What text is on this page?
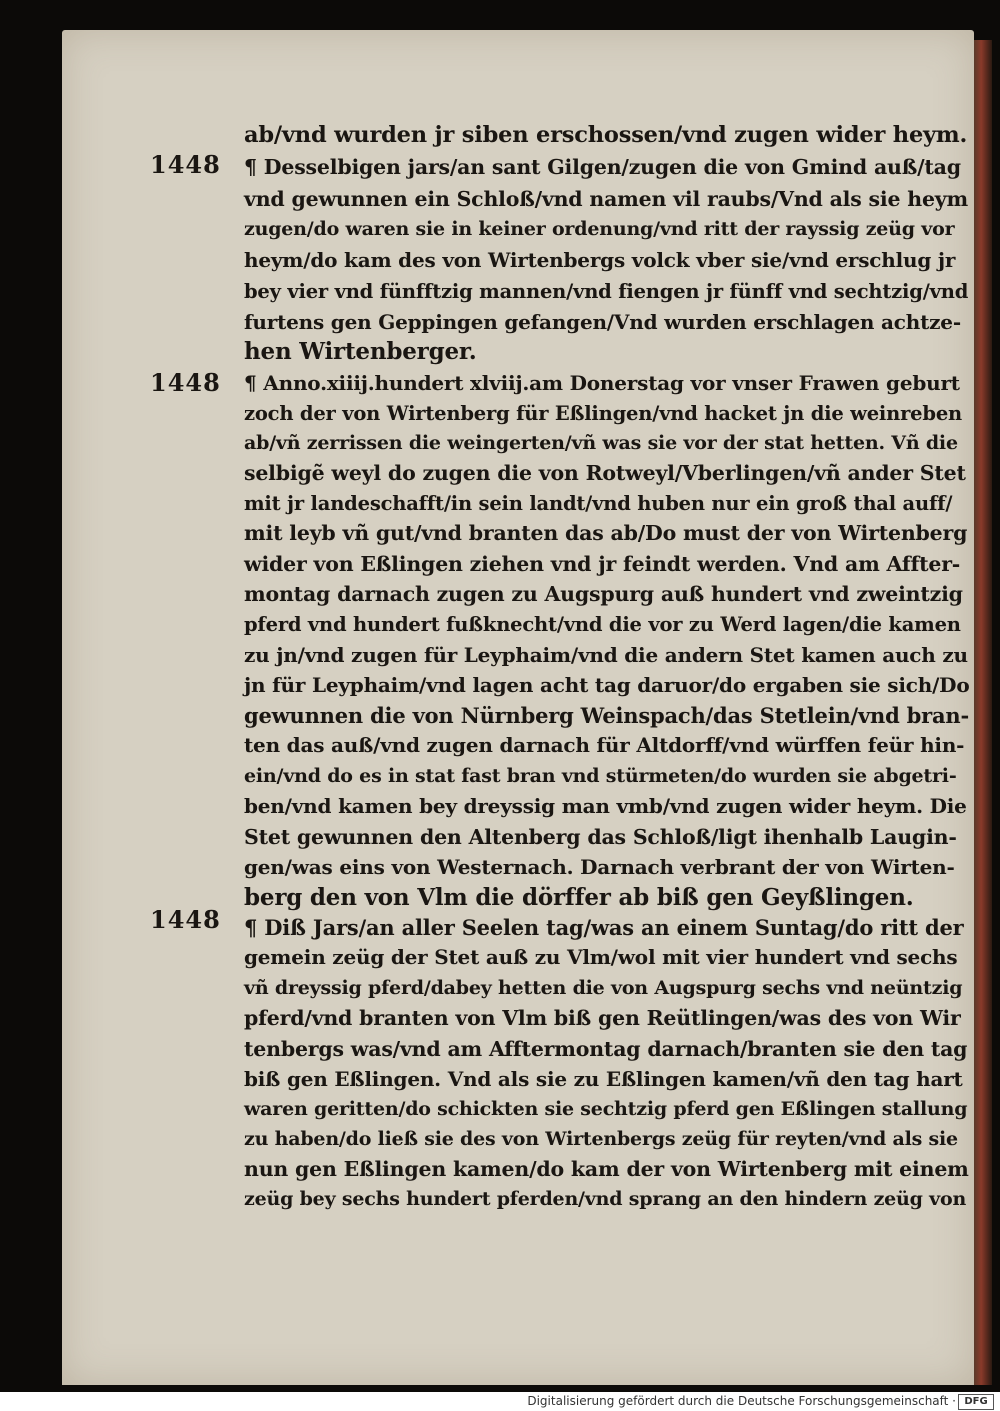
ab/vnd wurden jr siben erschossen/vnd zugen wider heym.
1448	¶ Desselbigen jars/an sant Gilgen/zugen die von Gmind auß/tag
vnd gewunnen ein Schloß/vnd namen vil raubs/Vnd als sie heym
zugen/do waren sie in keiner ordenung/vnd ritt der rayssig zeüg vor
heym/do kam des von Wirtenbergs volck vber sie/vnd erschlug jr
bey vier vnd fünfftzig mannen/vnd fiengen jr fünff vnd sechtzig/vnd
furtens gen Geppingen gefangen/Vnd wurden erschlagen achtze-
hen Wirtenberger.
1448	¶ Anno.xiiij.hundert xlviij.am Donerstag vor vnser Frawen geburt
zoch der von Wirtenberg für Eßlingen/vnd hacket jn die weinreben
ab/vñ zerrissen die weingerten/vñ was sie vor der stat hetten. Vñ die
selbigẽ weyl do zugen die von Rotweyl/Vberlingen/vñ ander Stet
mit jr landeschafft/in sein landt/vnd huben nur ein groß thal auff/
mit leyb vñ gut/vnd branten das ab/Do must der von Wirtenberg
wider von Eßlingen ziehen vnd jr feindt werden. Vnd am Affter-
montag darnach zugen zu Augspurg auß hundert vnd zweintzig
pferd vnd hundert fußknecht/vnd die vor zu Werd lagen/die kamen
zu jn/vnd zugen für Leyphaim/vnd die andern Stet kamen auch zu
jn für Leyphaim/vnd lagen acht tag daruor/do ergaben sie sich/Do
gewunnen die von Nürnberg Weinspach/das Stetlein/vnd bran-
ten das auß/vnd zugen darnach für Altdorff/vnd würffen feür hin-
ein/vnd do es in stat fast bran vnd stürmeten/do wurden sie abgetri-
ben/vnd kamen bey dreyssig man vmb/vnd zugen wider heym. Die
Stet gewunnen den Altenberg das Schloß/ligt ihenhalb Laugin-
gen/was eins von Westernach. Darnach verbrant der von Wirten-
berg den von Vlm die dörffer ab biß gen Geyßlingen.
1448	¶ Diß Jars/an aller Seelen tag/was an einem Suntag/do ritt der
gemein zeüg der Stet auß zu Vlm/wol mit vier hundert vnd sechs
vñ dreyssig pferd/dabey hetten die von Augspurg sechs vnd neüntzig
pferd/vnd branten von Vlm biß gen Reütlingen/was des von Wir
tenbergs was/vnd am Afftermontag darnach/branten sie den tag
biß gen Eßlingen. Vnd als sie zu Eßlingen kamen/vñ den tag hart
waren geritten/do schickten sie sechtzig pferd gen Eßlingen stallung
zu haben/do ließ sie des von Wirtenbergs zeüg für reyten/vnd als sie
nun gen Eßlingen kamen/do kam der von Wirtenberg mit einem
zeüg bey sechs hundert pferden/vnd sprang an den hindern zeüg von
Digitalisierung gefördert durch die Deutsche Forschungsgemeinschaft · DFG
